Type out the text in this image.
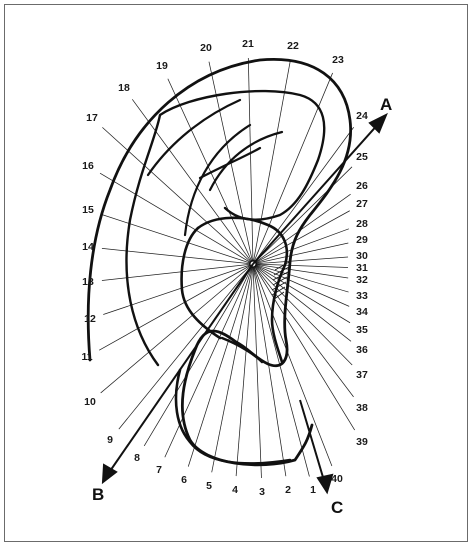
1
2
3
4
5
6
7
8
9
10
11
12
13
14
15
16
17
18
19
20	21	22
23
24
25
26
27
28
29
30
31
32
33
34
35
36
37
38
39
40
A
B
C
